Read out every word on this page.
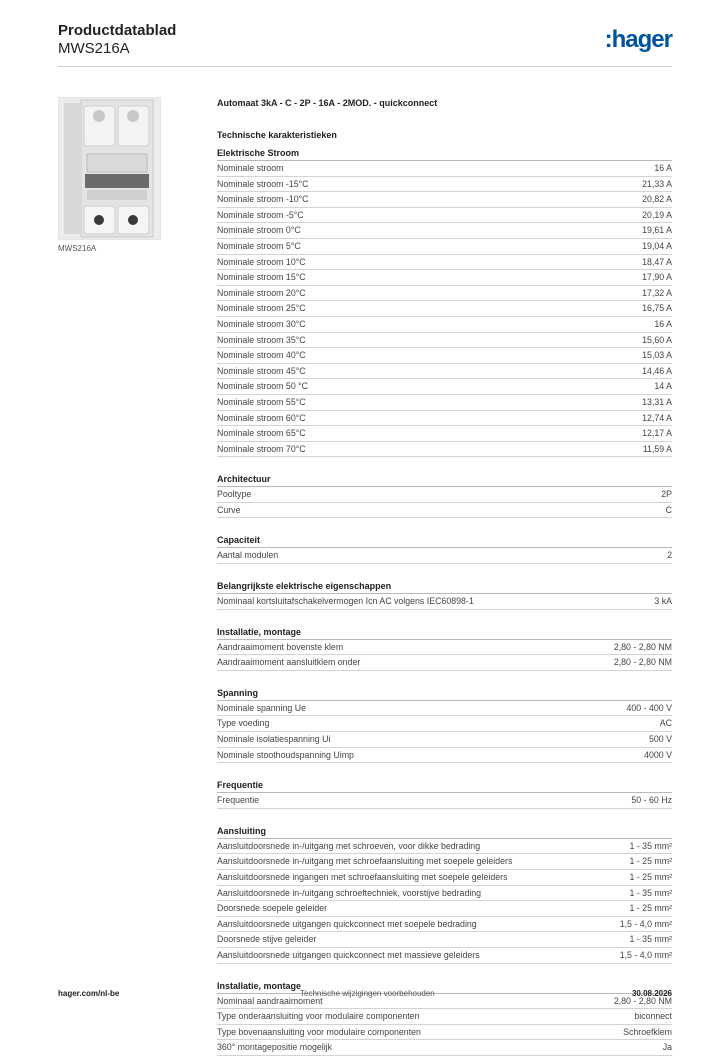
Productdatablad
MWS216A	:hager
MWS216A
Automaat 3kA - C - 2P - 16A - 2MOD. - quickconnect
Technische karakteristieken
Elektrische Stroom
Nominale stroom	16 A
Nominale stroom -15°C	21,33 A
Nominale stroom -10°C	20,82 A
Nominale stroom -5°C	20,19 A
Nominale stroom 0°C	19,61 A
Nominale stroom 5°C	19,04 A
Nominale stroom 10°C	18,47 A
Nominale stroom 15°C	17,90 A
Nominale stroom 20°C	17,32 A
Nominale stroom 25°C	16,75 A
Nominale stroom 30°C	16 A
Nominale stroom 35°C	15,60 A
Nominale stroom 40°C	15,03 A
Nominale stroom 45°C	14,46 A
Nominale stroom 50 °C	14 A
Nominale stroom 55°C	13,31 A
Nominale stroom 60°C	12,74 A
Nominale stroom 65°C	12,17 A
Nominale stroom 70°C	11,59 A
Architectuur
Pooltype	2P
Curve	C
Capaciteit
Aantal modulen	2
Belangrijkste elektrische eigenschappen
Nominaal kortsluitafschakelvermogen Icn AC volgens IEC60898-1	3 kA
Installatie, montage
Aandraaimoment bovenste klem	2,80 - 2,80 NM
Aandraaimoment aansluitklem onder	2,80 - 2,80 NM
Spanning
Nominale spanning Ue	400 - 400 V
Type voeding	AC
Nominale isolatiespanning Ui	500 V
Nominale stoothoudspanning Uimp	4000 V
Frequentie
Frequentie	50 - 60 Hz
Aansluiting
Aansluitdoorsnede in-/uitgang met schroeven, voor dikke bedrading	1 - 35 mm²
Aansluitdoorsnede in-/uitgang met schroefaansluiting met soepele geleiders	1 - 25 mm²
Aansluitdoorsnede ingangen met schroefaansluiting met soepele geleiders	1 - 25 mm²
Aansluitdoorsnede in-/uitgang schroeftechniek, voorstijve bedrading	1 - 35 mm²
Doorsnede soepele geleider	1 - 25 mm²
Aansluitdoorsnede uitgangen quickconnect met soepele bedrading	1,5 - 4,0 mm²
Doorsnede stijve geleider	1 - 35 mm²
Aansluitdoorsnede uitgangen quickconnect met massieve geleiders	1,5 - 4,0 mm²
Installatie, montage
Nominaal aandraaimoment	2,80 - 2,80 NM
Type onderaansluiting voor modulaire componenten	biconnect
Type bovenaansluiting voor modulaire componenten	Schroefklem
360° montagepositie mogelijk	Ja
hager.com/nl-be	Technische wijzigingen voorbehouden	30.08.2026
